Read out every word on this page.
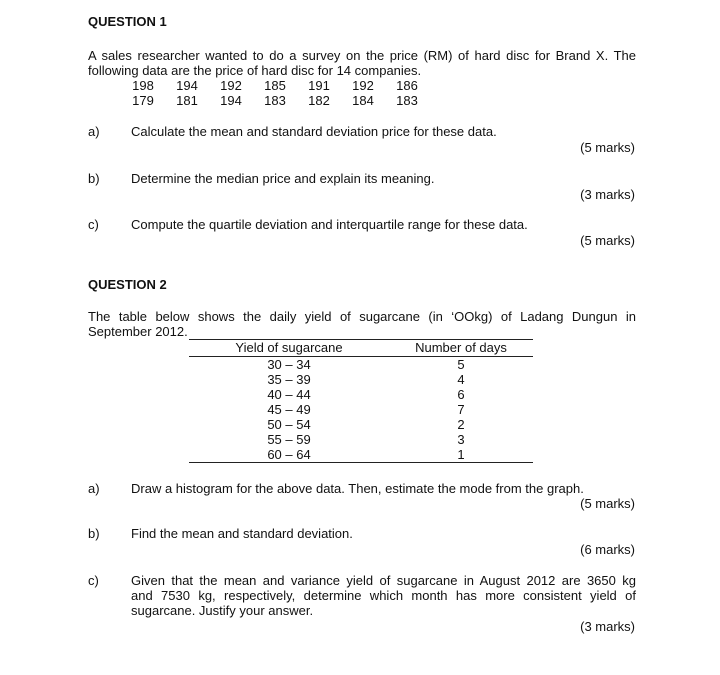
QUESTION 1
A sales researcher wanted to do a survey on the price (RM) of hard disc for Brand X. The
following data are the price of hard disc for 14 companies.
198	194	192	185	191	192	186
179	181	194	183	182	184	183
a)	Calculate the mean and standard deviation price for these data.
(5 marks)
b)	Determine the median price and explain its meaning.
(3 marks)
c)	Compute the quartile deviation and interquartile range for these data.
(5 marks)
QUESTION 2
The table below shows the daily yield of sugarcane (in ‘OOkg) of Ladang Dungun in
September 2012.
Yield of sugarcane	Number of days
30 – 34	5
35 – 39	4
40 – 44	6
45 – 49	7
50 – 54	2
55 – 59	3
60 – 64	1
a)	Draw a histogram for the above data. Then, estimate the mode from the graph.
(5 marks)
b)	Find the mean and standard deviation.
(6 marks)
c)	Given that the mean and variance yield of sugarcane in August 2012 are 3650 kg
and 7530 kg, respectively, determine which month has more consistent yield of
sugarcane. Justify your answer.
(3 marks)
